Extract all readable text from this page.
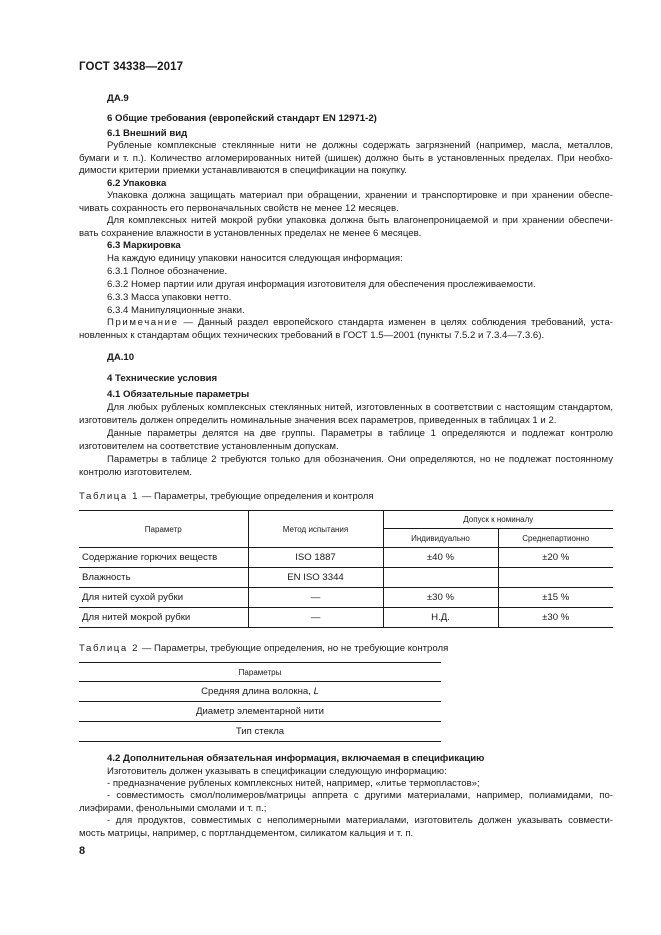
ГОСТ 34338—2017
ДА.9
6 Общие требования (европейский стандарт EN 12971-2)
6.1 Внешний вид
Рубленые комплексные стеклянные нити не должны содержать загрязнений (например, масла, металлов,
бумаги и т. п.). Количество агломерированных нитей (шишек) должно быть в установленных пределах. При необхо-
димости критерии приемки устанавливаются в спецификации на покупку.
6.2 Упаковка
Упаковка должна защищать материал при обращении, хранении и транспортировке и при хранении обеспе-
чивать сохранность его первоначальных свойств не менее 12 месяцев.
Для комплексных нитей мокрой рубки упаковка должна быть влагонепроницаемой и при хранении обеспечи-
вать сохранение влажности в установленных пределах не менее 6 месяцев.
6.3 Маркировка
На каждую единицу упаковки наносится следующая информация:
6.3.1 Полное обозначение.
6.3.2 Номер партии или другая информация изготовителя для обеспечения прослеживаемости.
6.3.3 Масса упаковки нетто.
6.3.4 Манипуляционные знаки.
Примечание — Данный раздел европейского стандарта изменен в целях соблюдения требований, уста-
новленных к стандартам общих технических требований в ГОСТ 1.5—2001 (пункты 7.5.2 и 7.3.4—7.3.6).
ДА.10
4 Технические условия
4.1 Обязательные параметры
Для любых рубленых комплексных стеклянных нитей, изготовленных в соответствии с настоящим стандартом,
изготовитель должен определить номинальные значения всех параметров, приведенных в таблицах 1 и 2.
Данные параметры делятся на две группы. Параметры в таблице 1 определяются и подлежат контролю
изготовителем на соответствие установленным допускам.
Параметры в таблице 2 требуются только для обозначения. Они определяются, но не подлежат постоянному
контролю изготовителем.
Таблица 1 — Параметры, требующие определения и контроля
Параметр	Метод испытания	Допуск к номиналу	
		Индивидуально	Среднепартионно
Содержание горючих веществ	ISO 1887	±40 %	±20 %
Влажность	EN ISO 3344		
Для нитей сухой рубки	—	±30 %	±15 %
Для нитей мокрой рубки	—	Н.Д.	±30 %
Таблица 2 — Параметры, требующие определения, но не требующие контроля
Параметры
Средняя длина волокна, L
Диаметр элементарной нити
Тип стекла
4.2 Дополнительная обязательная информация, включаемая в спецификацию
Изготовитель должен указывать в спецификации следующую информацию:
- предназначение рубленых комплексных нитей, например, «литье термопластов»;
- совместимость смол/полимеров/матрицы аппрета с другими материалами, например, полиамидами, по-
лиэфирами, фенольными смолами и т. п.;
- для продуктов, совместимых с неполимерными материалами, изготовитель должен указывать совмести-
мость матрицы, например, с портландцементом, силикатом кальция и т. п.
8
